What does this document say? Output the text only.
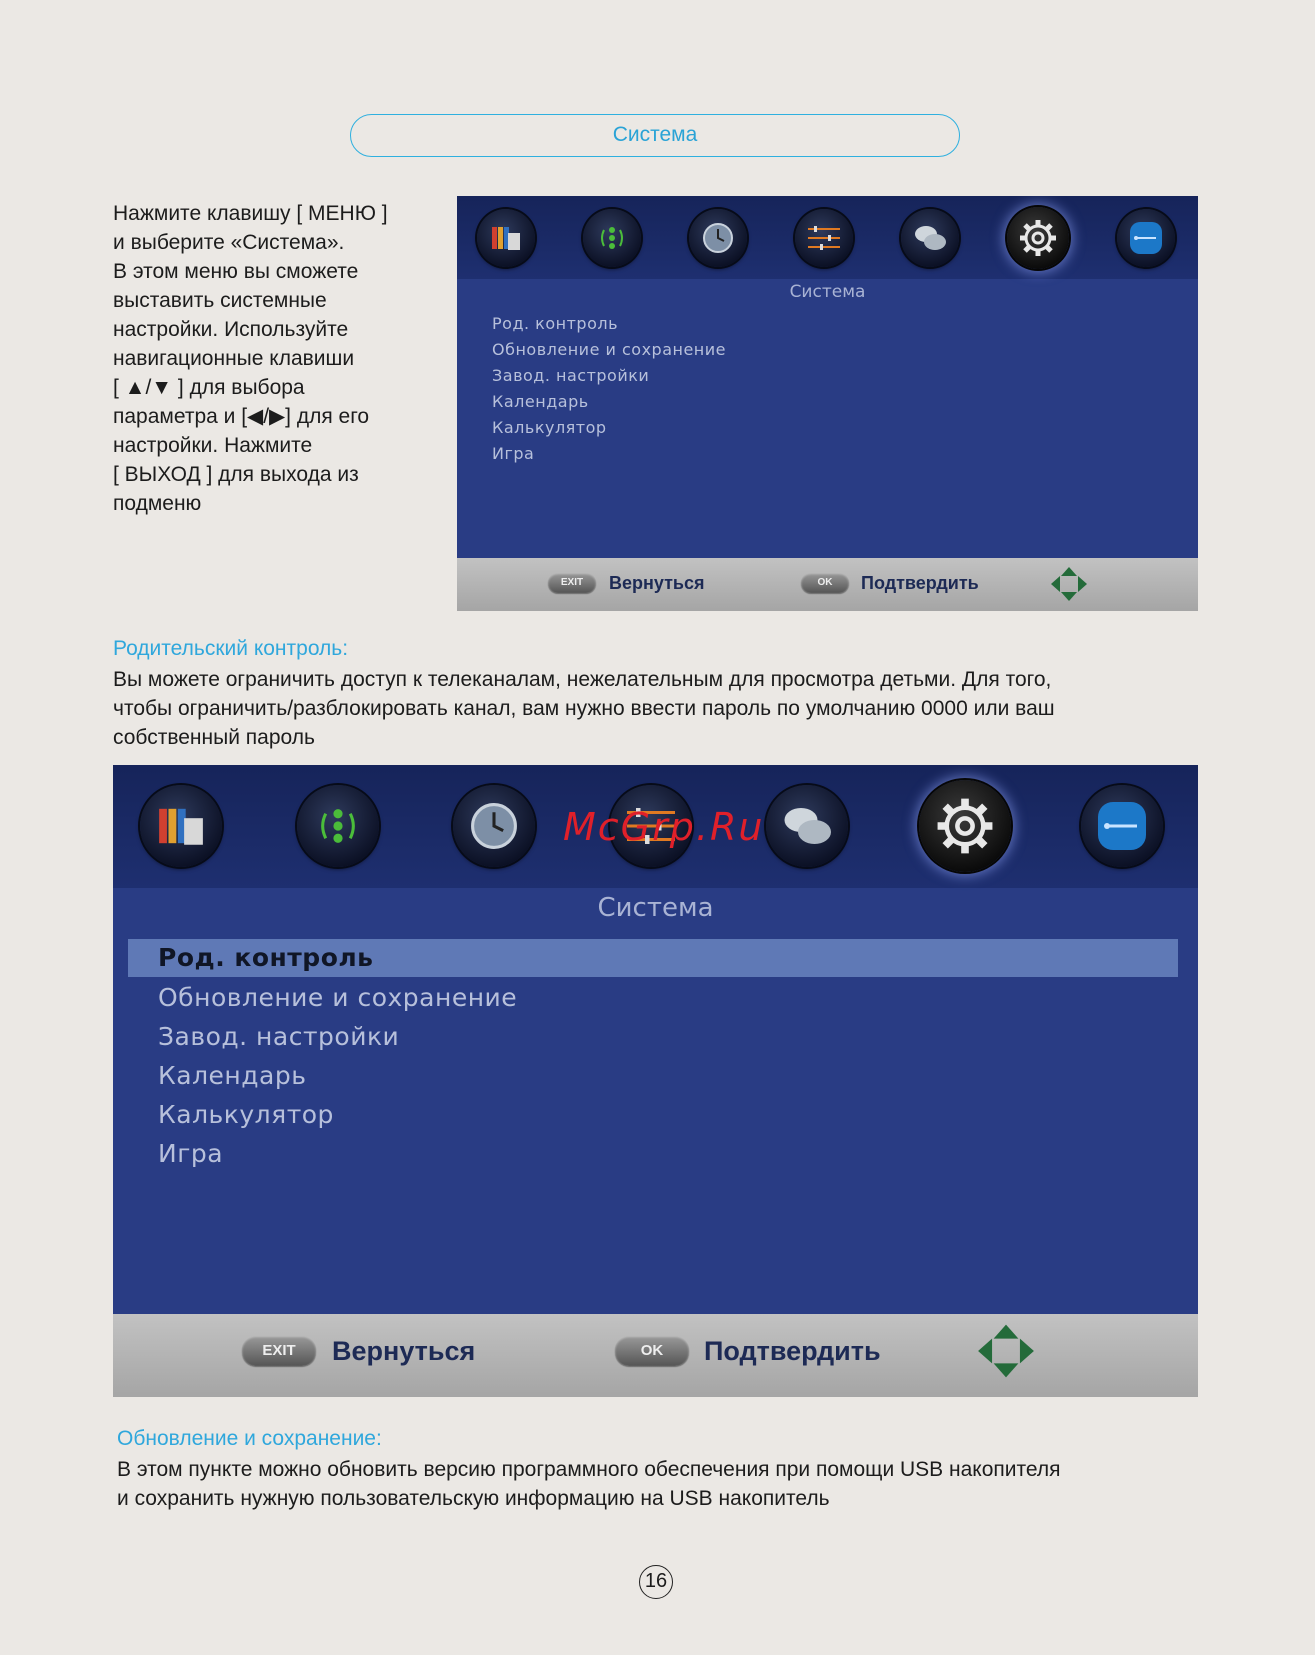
Система
Нажмите клавишу [ МЕНЮ ]
и выберите «Система».
В этом меню вы сможете
выставить системные
настройки. Используйте
навигационные клавиши
[ ▲/▼ ] для выбора
параметра и [◀/▶] для его
настройки. Нажмите
[ ВЫХОД ] для выхода из
подменю
Система
Род. контроль
Обновление и сохранение
Завод. настройки
Календарь
Калькулятор
Игра
EXIT	Вернуться	OK	Подтвердить
Родительский контроль:
Вы можете ограничить доступ к телеканалам, нежелательным для просмотра детьми. Для того,
чтобы ограничить/разблокировать канал, вам нужно ввести пароль по умолчанию 0000 или ваш
собственный пароль
Система
Род. контроль
Обновление и сохранение
Завод. настройки
Календарь
Калькулятор
Игра
EXIT	Вернуться	OK	Подтвердить
McGrp.Ru
Обновление и сохранение:
В этом пункте можно обновить версию программного обеспечения при помощи USB накопителя
и сохранить нужную пользовательскую информацию на USB накопитель
16
